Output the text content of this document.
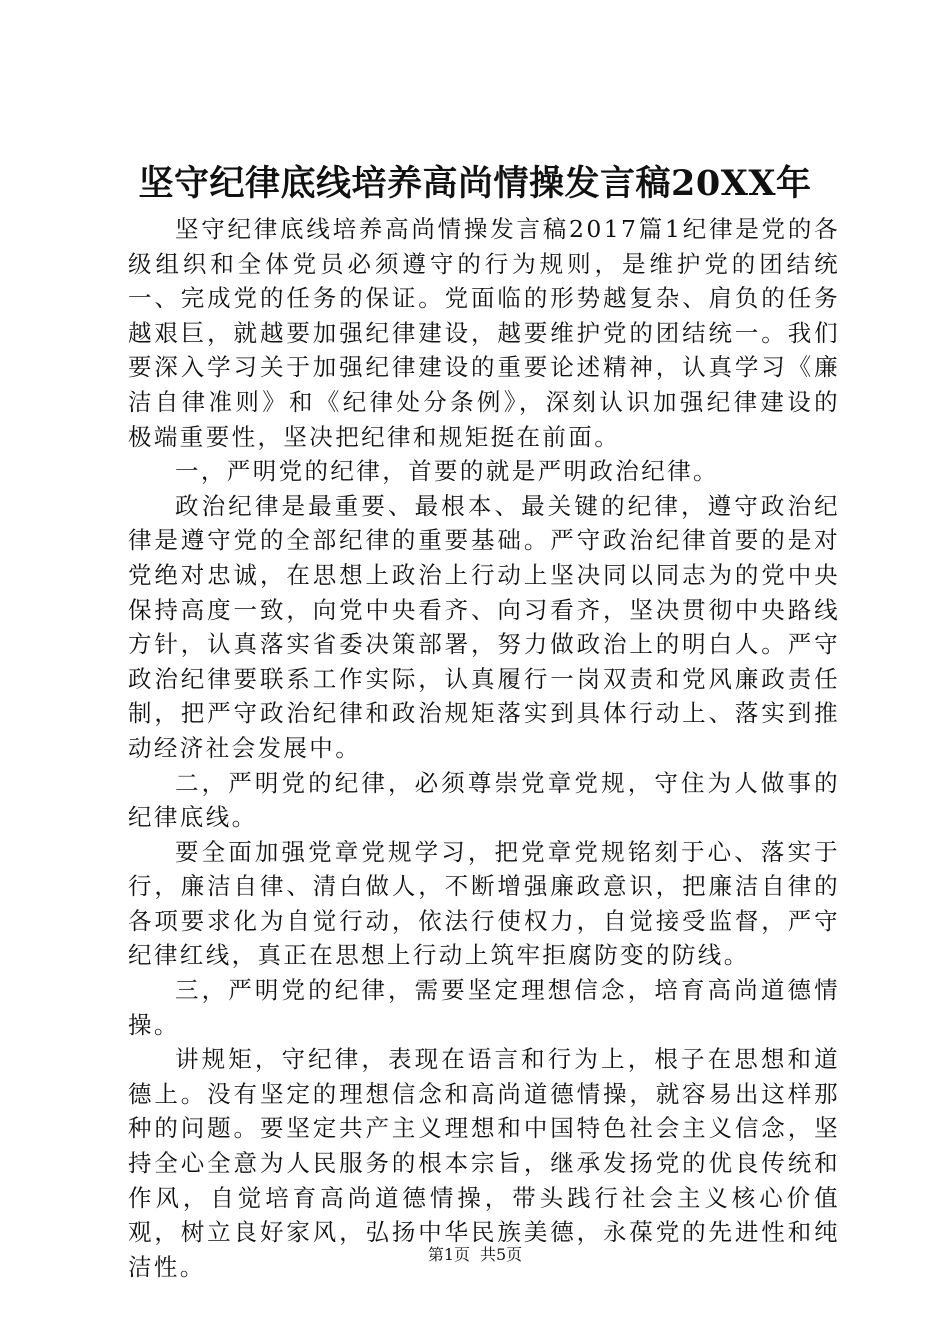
坚守纪律底线培养高尚情操发言稿20XX年

坚守纪律底线培养高尚情操发言稿2017篇1纪律是党的各级组织和全体党员必须遵守的行为规则，是维护党的团结统一、完成党的任务的保证。党面临的形势越复杂、肩负的任务越艰巨，就越要加强纪律建设，越要维护党的团结统一。我们要深入学习关于加强纪律建设的重要论述精神，认真学习《廉洁自律准则》和《纪律处分条例》，深刻认识加强纪律建设的极端重要性，坚决把纪律和规矩挺在前面。

一，严明党的纪律，首要的就是严明政治纪律。

政治纪律是最重要、最根本、最关键的纪律，遵守政治纪律是遵守党的全部纪律的重要基础。严守政治纪律首要的是对党绝对忠诚，在思想上政治上行动上坚决同以同志为的党中央保持高度一致，向党中央看齐、向习看齐，坚决贯彻中央路线方针，认真落实省委决策部署，努力做政治上的明白人。严守政治纪律要联系工作实际，认真履行一岗双责和党风廉政责任制，把严守政治纪律和政治规矩落实到具体行动上、落实到推动经济社会发展中。

二，严明党的纪律，必须尊崇党章党规，守住为人做事的纪律底线。

要全面加强党章党规学习，把党章党规铭刻于心、落实于行，廉洁自律、清白做人，不断增强廉政意识，把廉洁自律的各项要求化为自觉行动，依法行使权力，自觉接受监督，严守纪律红线，真正在思想上行动上筑牢拒腐防变的防线。

三，严明党的纪律，需要坚定理想信念，培育高尚道德情操。

讲规矩，守纪律，表现在语言和行为上，根子在思想和道德上。没有坚定的理想信念和高尚道德情操，就容易出这样那种的问题。要坚定共产主义理想和中国特色社会主义信念，坚持全心全意为人民服务的根本宗旨，继承发扬党的优良传统和作风，自觉培育高尚道德情操，带头践行社会主义核心价值观，树立良好家风，弘扬中华民族美德，永葆党的先进性和纯洁性。	第1页 共5页
